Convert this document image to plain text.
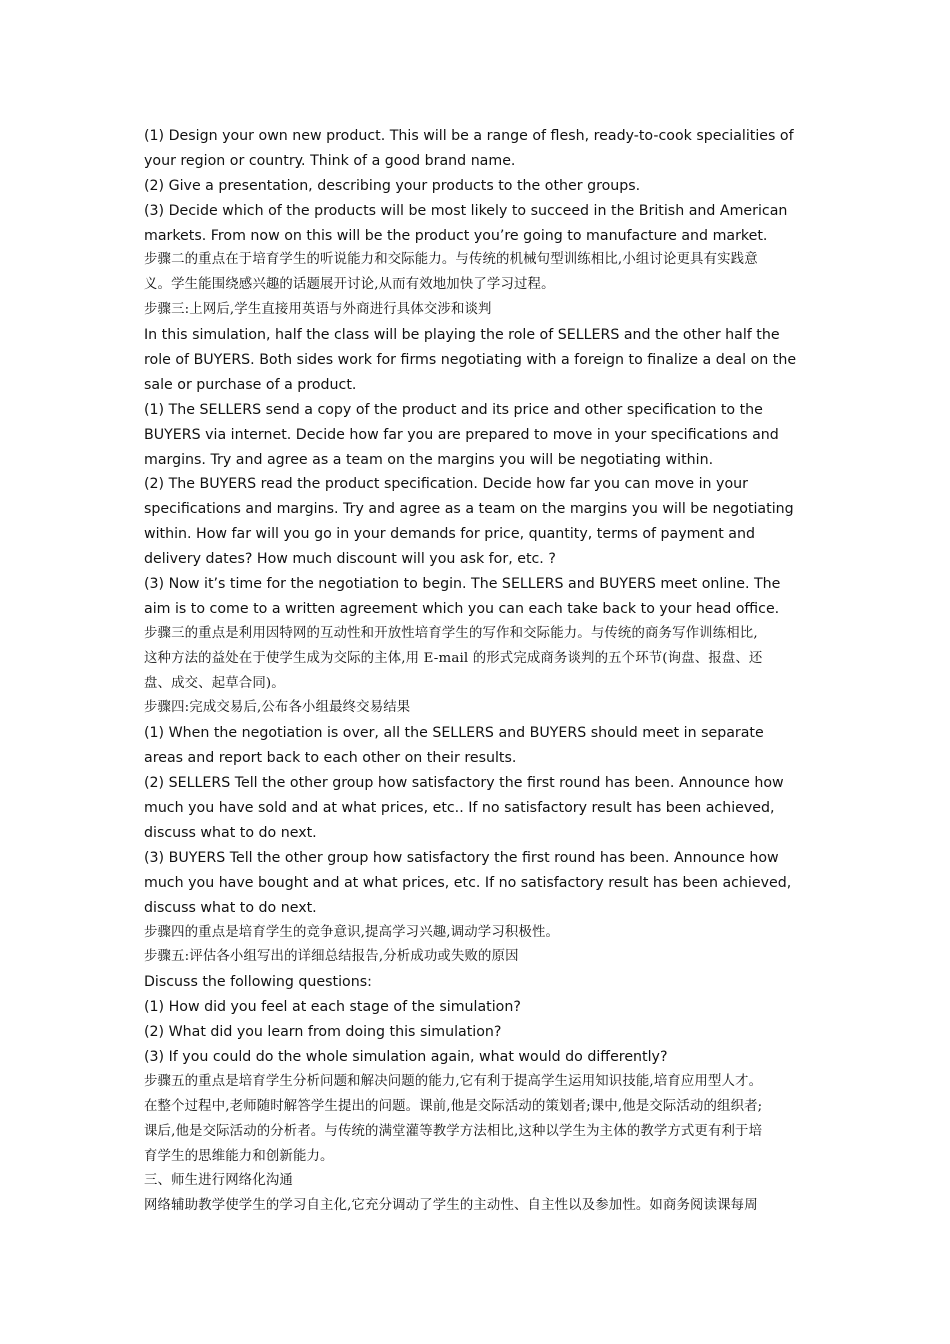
(1) Design your own new product. This will be a range of flesh, ready-to-cook specialities of
your region or country. Think of a good brand name.
(2) Give a presentation, describing your products to the other groups.
(3) Decide which of the products will be most likely to succeed in the British and American
markets. From now on this will be the product you’re going to manufacture and market.
步骤二的重点在于培育学生的听说能力和交际能力。与传统的机械句型训练相比,小组讨论更具有实践意
义。学生能围绕感兴趣的话题展开讨论,从而有效地加快了学习过程。
步骤三:上网后,学生直接用英语与外商进行具体交涉和谈判
In this simulation, half the class will be playing the role of SELLERS and the other half the
role of BUYERS. Both sides work for firms negotiating with a foreign to finalize a deal on the
sale or purchase of a product.
(1) The SELLERS send a copy of the product and its price and other specification to the
BUYERS via internet. Decide how far you are prepared to move in your specifications and
margins. Try and agree as a team on the margins you will be negotiating within.
(2) The BUYERS read the product specification. Decide how far you can move in your
specifications and margins. Try and agree as a team on the margins you will be negotiating
within. How far will you go in your demands for price, quantity, terms of payment and
delivery dates? How much discount will you ask for, etc. ?
(3) Now it’s time for the negotiation to begin. The SELLERS and BUYERS meet online. The
aim is to come to a written agreement which you can each take back to your head office.
步骤三的重点是利用因特网的互动性和开放性培育学生的写作和交际能力。与传统的商务写作训练相比,
这种方法的益处在于使学生成为交际的主体,用 E-mail 的形式完成商务谈判的五个环节(询盘、报盘、还
盘、成交、起草合同)。
步骤四:完成交易后,公布各小组最终交易结果
(1) When the negotiation is over, all the SELLERS and BUYERS should meet in separate
areas and report back to each other on their results.
(2) SELLERS Tell the other group how satisfactory the first round has been. Announce how
much you have sold and at what prices, etc.. If no satisfactory result has been achieved,
discuss what to do next.
(3) BUYERS Tell the other group how satisfactory the first round has been. Announce how
much you have bought and at what prices, etc. If no satisfactory result has been achieved,
discuss what to do next.
步骤四的重点是培育学生的竞争意识,提高学习兴趣,调动学习积极性。
步骤五:评估各小组写出的详细总结报告,分析成功或失败的原因
Discuss the following questions:
(1) How did you feel at each stage of the simulation?
(2) What did you learn from doing this simulation?
(3) If you could do the whole simulation again, what would do differently?
步骤五的重点是培育学生分析问题和解决问题的能力,它有利于提高学生运用知识技能,培育应用型人才。
在整个过程中,老师随时解答学生提出的问题。课前,他是交际活动的策划者;课中,他是交际活动的组织者;
课后,他是交际活动的分析者。与传统的满堂灌等教学方法相比,这种以学生为主体的教学方式更有利于培
育学生的思维能力和创新能力。
三、师生进行网络化沟通
网络辅助教学使学生的学习自主化,它充分调动了学生的主动性、自主性以及参加性。如商务阅读课每周
